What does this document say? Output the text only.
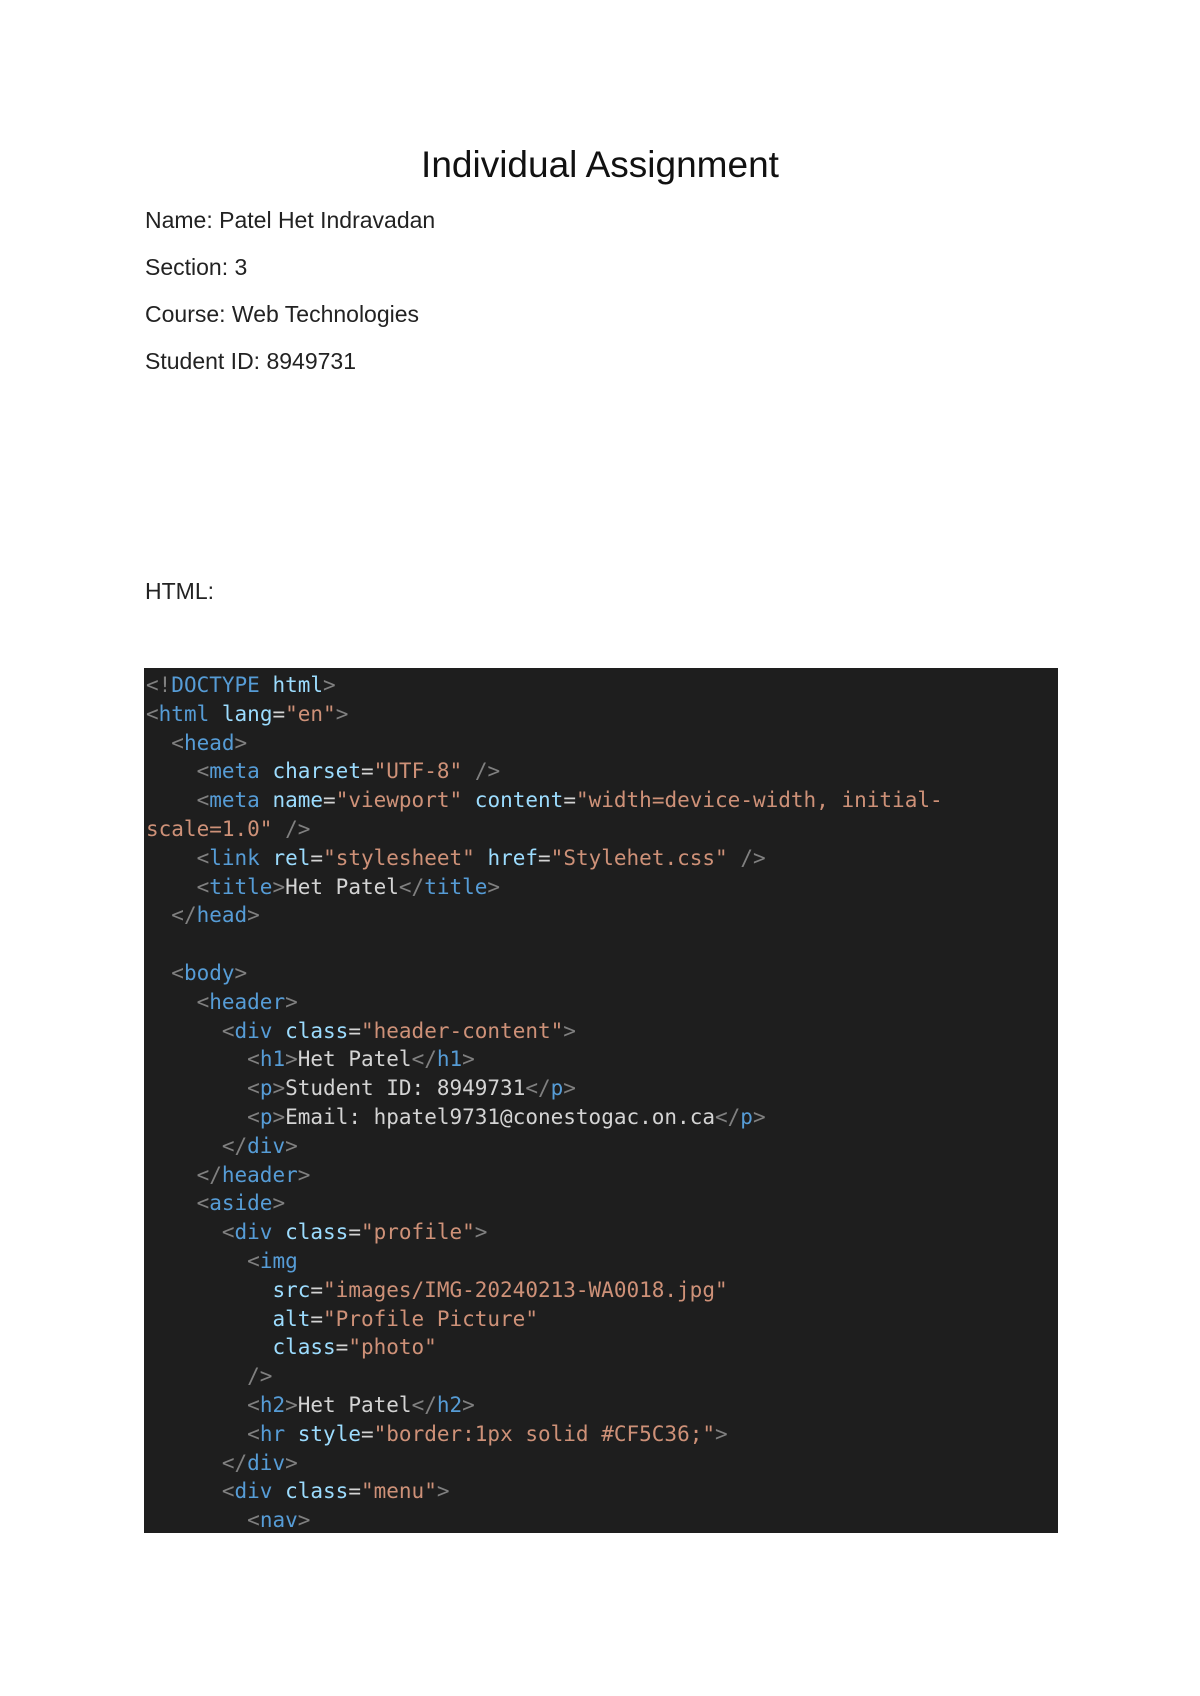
Individual Assignment
Name: Patel Het Indravadan
Section: 3
Course: Web Technologies
Student ID: 8949731
HTML:
<!DOCTYPE html>
<html lang="en">
<head>
<meta charset="UTF-8" />
<meta name="viewport" content="width=device-width, initial-
scale=1.0" />
<link rel="stylesheet" href="Stylehet.css" />
<title>Het Patel</title>
</head>

<body>
<header>
<div class="header-content">
<h1>Het Patel</h1>
<p>Student ID: 8949731</p>
<p>Email: hpatel9731@conestogac.on.ca</p>
</div>
</header>
<aside>
<div class="profile">
<img
src="images/IMG-20240213-WA0018.jpg"
alt="Profile Picture"
class="photo"
/>
<h2>Het Patel</h2>
<hr style="border:1px solid #CF5C36;">
</div>
<div class="menu">
<nav>
